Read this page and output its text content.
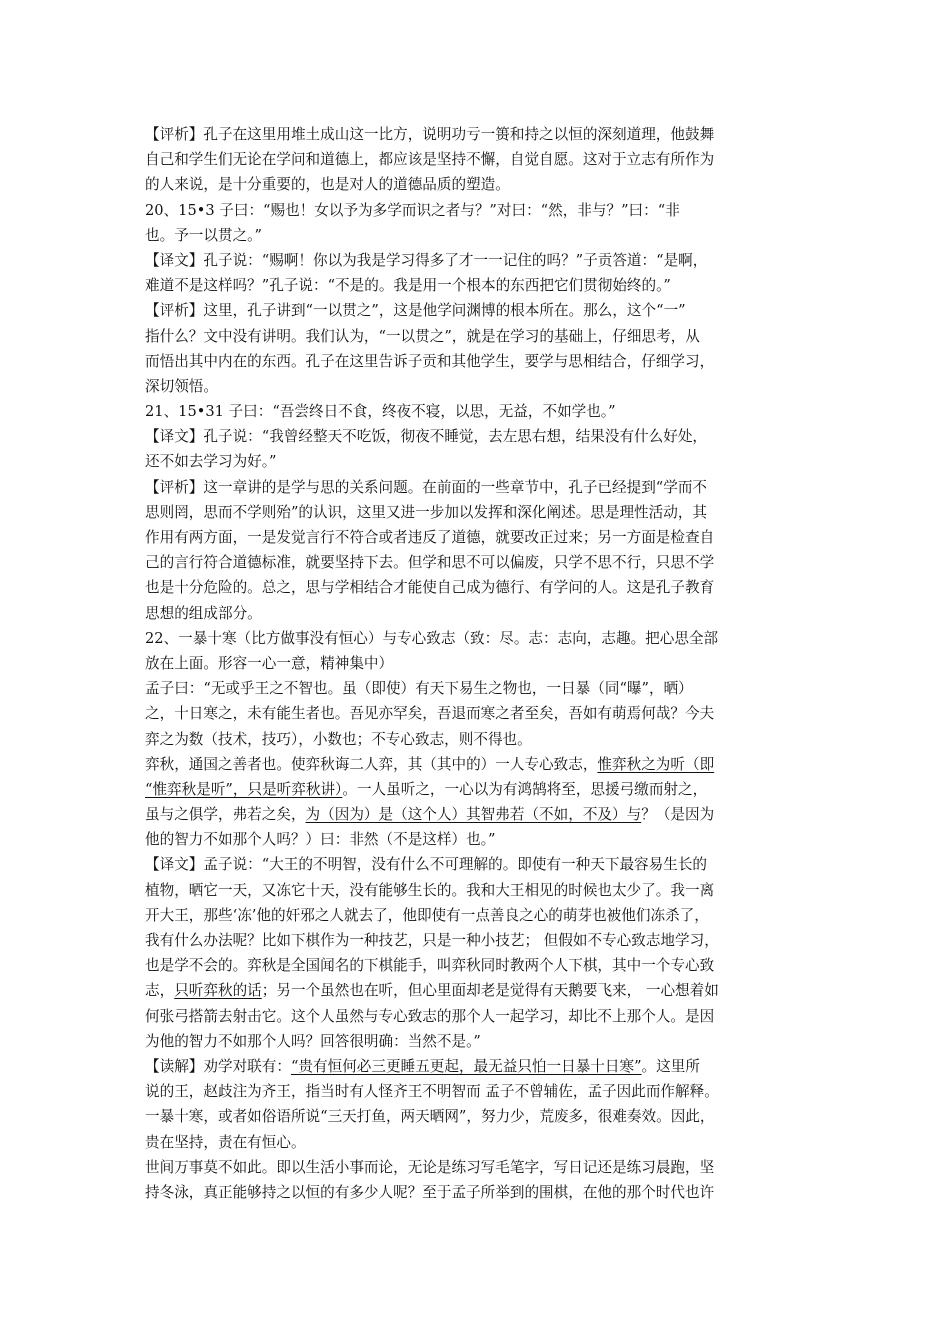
【评析】孔子在这里用堆土成山这一比方，说明功亏一篑和持之以恒的深刻道理，他鼓舞
自己和学生们无论在学问和道德上，都应该是坚持不懈，自觉自愿。这对于立志有所作为
的人来说，是十分重要的，也是对人的道德品质的塑造。
20、15•3 子曰：“赐也！女以予为多学而识之者与？”对曰：“然，非与？”曰：“非
也。予一以贯之。”
【译文】孔子说：“赐啊！你以为我是学习得多了才一一记住的吗？”子贡答道：“是啊，
难道不是这样吗？”孔子说：“不是的。我是用一个根本的东西把它们贯彻始终的。”
【评析】这里，孔子讲到“一以贯之”，这是他学问渊博的根本所在。那么，这个“一”
指什么？文中没有讲明。我们认为，“一以贯之”，就是在学习的基础上，仔细思考，从
而悟出其中内在的东西。孔子在这里告诉子贡和其他学生，要学与思相结合，仔细学习，
深切领悟。
21、15•31 子曰：“吾尝终日不食，终夜不寝，以思，无益，不如学也。”
【译文】孔子说：“我曾经整天不吃饭，彻夜不睡觉，去左思右想，结果没有什么好处，
还不如去学习为好。”
【评析】这一章讲的是学与思的关系问题。在前面的一些章节中，孔子已经提到“学而不
思则罔，思而不学则殆”的认识，这里又进一步加以发挥和深化阐述。思是理性活动，其
作用有两方面，一是发觉言行不符合或者违反了道德，就要改正过来；另一方面是检查自
己的言行符合道德标准，就要坚持下去。但学和思不可以偏废，只学不思不行，只思不学
也是十分危险的。总之，思与学相结合才能使自己成为德行、有学问的人。这是孔子教育
思想的组成部分。
22、一暴十寒（比方做事没有恒心）与专心致志（致：尽。志：志向，志趣。把心思全部
放在上面。形容一心一意，精神集中）
孟子曰：“无或乎王之不智也。虽（即使）有天下易生之物也，一日暴（同“曝”，晒）
之，十日寒之，未有能生者也。吾见亦罕矣，吾退而寒之者至矣，吾如有萌焉何哉？今夫
弈之为数（技术，技巧），小数也；不专心致志，则不得也。
弈秋，通国之善者也。使弈秋诲二人弈，其（其中的）一人专心致志，惟弈秋之为听（即
“惟弈秋是听”，只是听弈秋讲）。一人虽听之，一心以为有鸿鹄将至，思援弓缴而射之，
虽与之俱学，弗若之矣，为（因为）是（这个人）其智弗若（不如，不及）与？（是因为
他的智力不如那个人吗？）曰：非然（不是这样）也。”
【译文】孟子说：“大王的不明智，没有什么不可理解的。即使有一种天下最容易生长的
植物，晒它一天，又冻它十天，没有能够生长的。我和大王相见的时候也太少了。我一离
开大王，那些‘冻’他的奸邪之人就去了，他即使有一点善良之心的萌芽也被他们冻杀了，
我有什么办法呢？比如下棋作为一种技艺，只是一种小技艺； 但假如不专心致志地学习，
也是学不会的。弈秋是全国闻名的下棋能手，叫弈秋同时教两个人下棋，其中一个专心致
志，只听弈秋的话；另一个虽然也在听，但心里面却老是觉得有天鹅要飞来， 一心想着如
何张弓搭箭去射击它。这个人虽然与专心致志的那个人一起学习，却比不上那个人。是因
为他的智力不如那个人吗？回答很明确：当然不是。”
【读解】劝学对联有：“贵有恒何必三更睡五更起，最无益只怕一日暴十日寒”。这里所
说的王，赵歧注为齐王，指当时有人怪齐王不明智而 孟子不曾辅佐，孟子因此而作解释。
一暴十寒，或者如俗语所说“三天打鱼，两天晒网”，努力少，荒废多，很难奏效。因此，
贵在坚持，责在有恒心。
世间万事莫不如此。即以生活小事而论，无论是练习写毛笔字，写日记还是练习晨跑，坚
持冬泳，真正能够持之以恒的有多少人呢？至于孟子所举到的围棋，在他的那个时代也许
